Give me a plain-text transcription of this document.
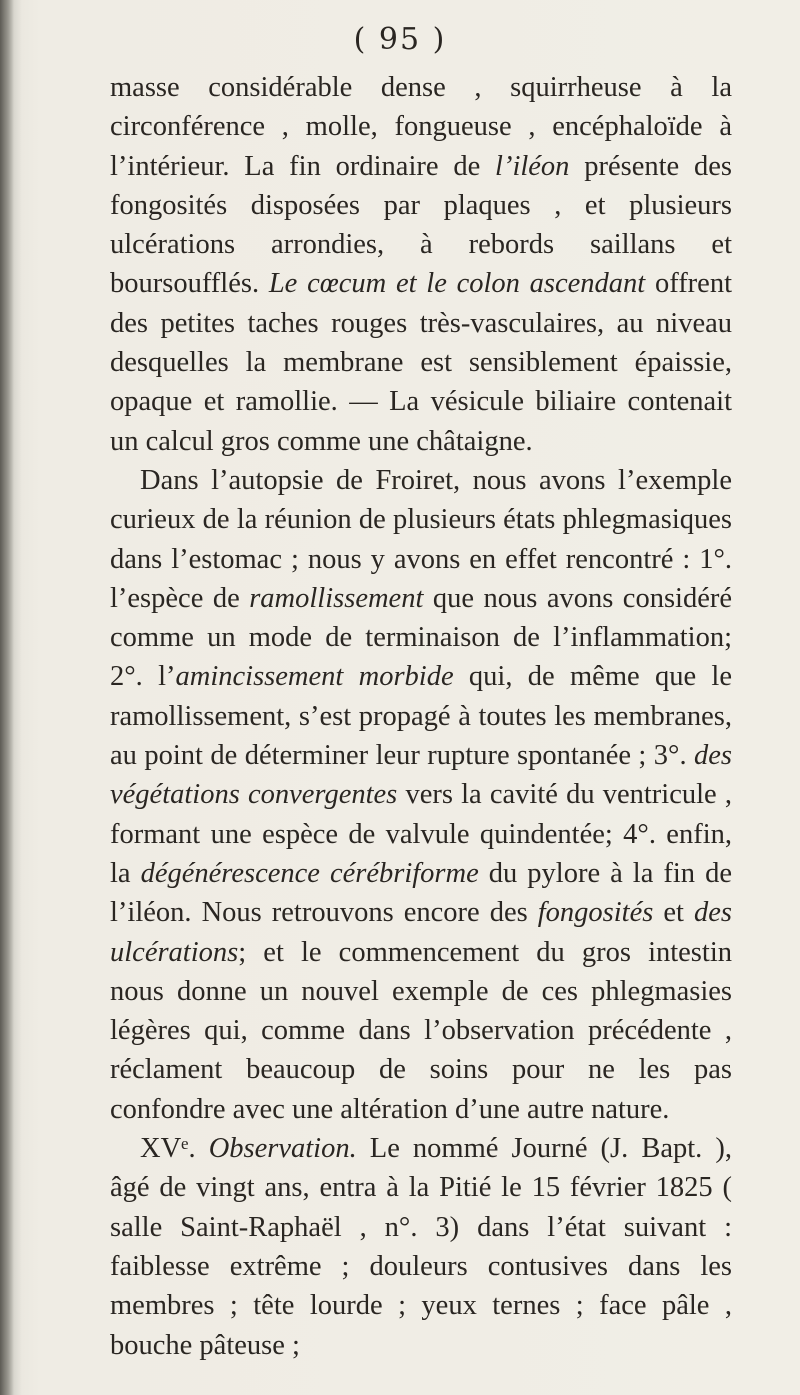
( 95 )

masse considérable dense , squirrheuse à la circonférence , molle, fongueuse , encéphaloïde à l’intérieur. La fin ordinaire de l’iléon présente des fongosités disposées par plaques , et plusieurs ulcérations arrondies, à rebords saillans et boursoufflés. Le cœcum et le colon ascendant offrent des petites taches rouges très-vasculaires, au niveau desquelles la membrane est sensiblement épaissie, opaque et ramollie. — La vésicule biliaire contenait un calcul gros comme une châtaigne.

Dans l’autopsie de Froiret, nous avons l’exemple curieux de la réunion de plusieurs états phlegmasiques dans l’estomac ; nous y avons en effet rencontré : 1°. l’espèce de ramollissement que nous avons considéré comme un mode de terminaison de l’inflammation; 2°. l’amincissement morbide qui, de même que le ramollissement, s’est propagé à toutes les membranes, au point de déterminer leur rupture spontanée ; 3°. des végétations convergentes vers la cavité du ventricule , formant une espèce de valvule quindentée; 4°. enfin, la dégénérescence cérébriforme du pylore à la fin de l’iléon. Nous retrouvons encore des fongosités et des ulcérations; et le commencement du gros intestin nous donne un nouvel exemple de ces phlegmasies légères qui, comme dans l’observation précédente , réclament beaucoup de soins pour ne les pas confondre avec une altération d’une autre nature.

XVᵉ. Observation. Le nommé Journé (J. Bapt. ), âgé de vingt ans, entra à la Pitié le 15 février 1825 ( salle Saint-Raphaël , n°. 3) dans l’état suivant : faiblesse extrême ; douleurs contusives dans les membres ; tête lourde ; yeux ternes ; face pâle , bouche pâteuse ;
